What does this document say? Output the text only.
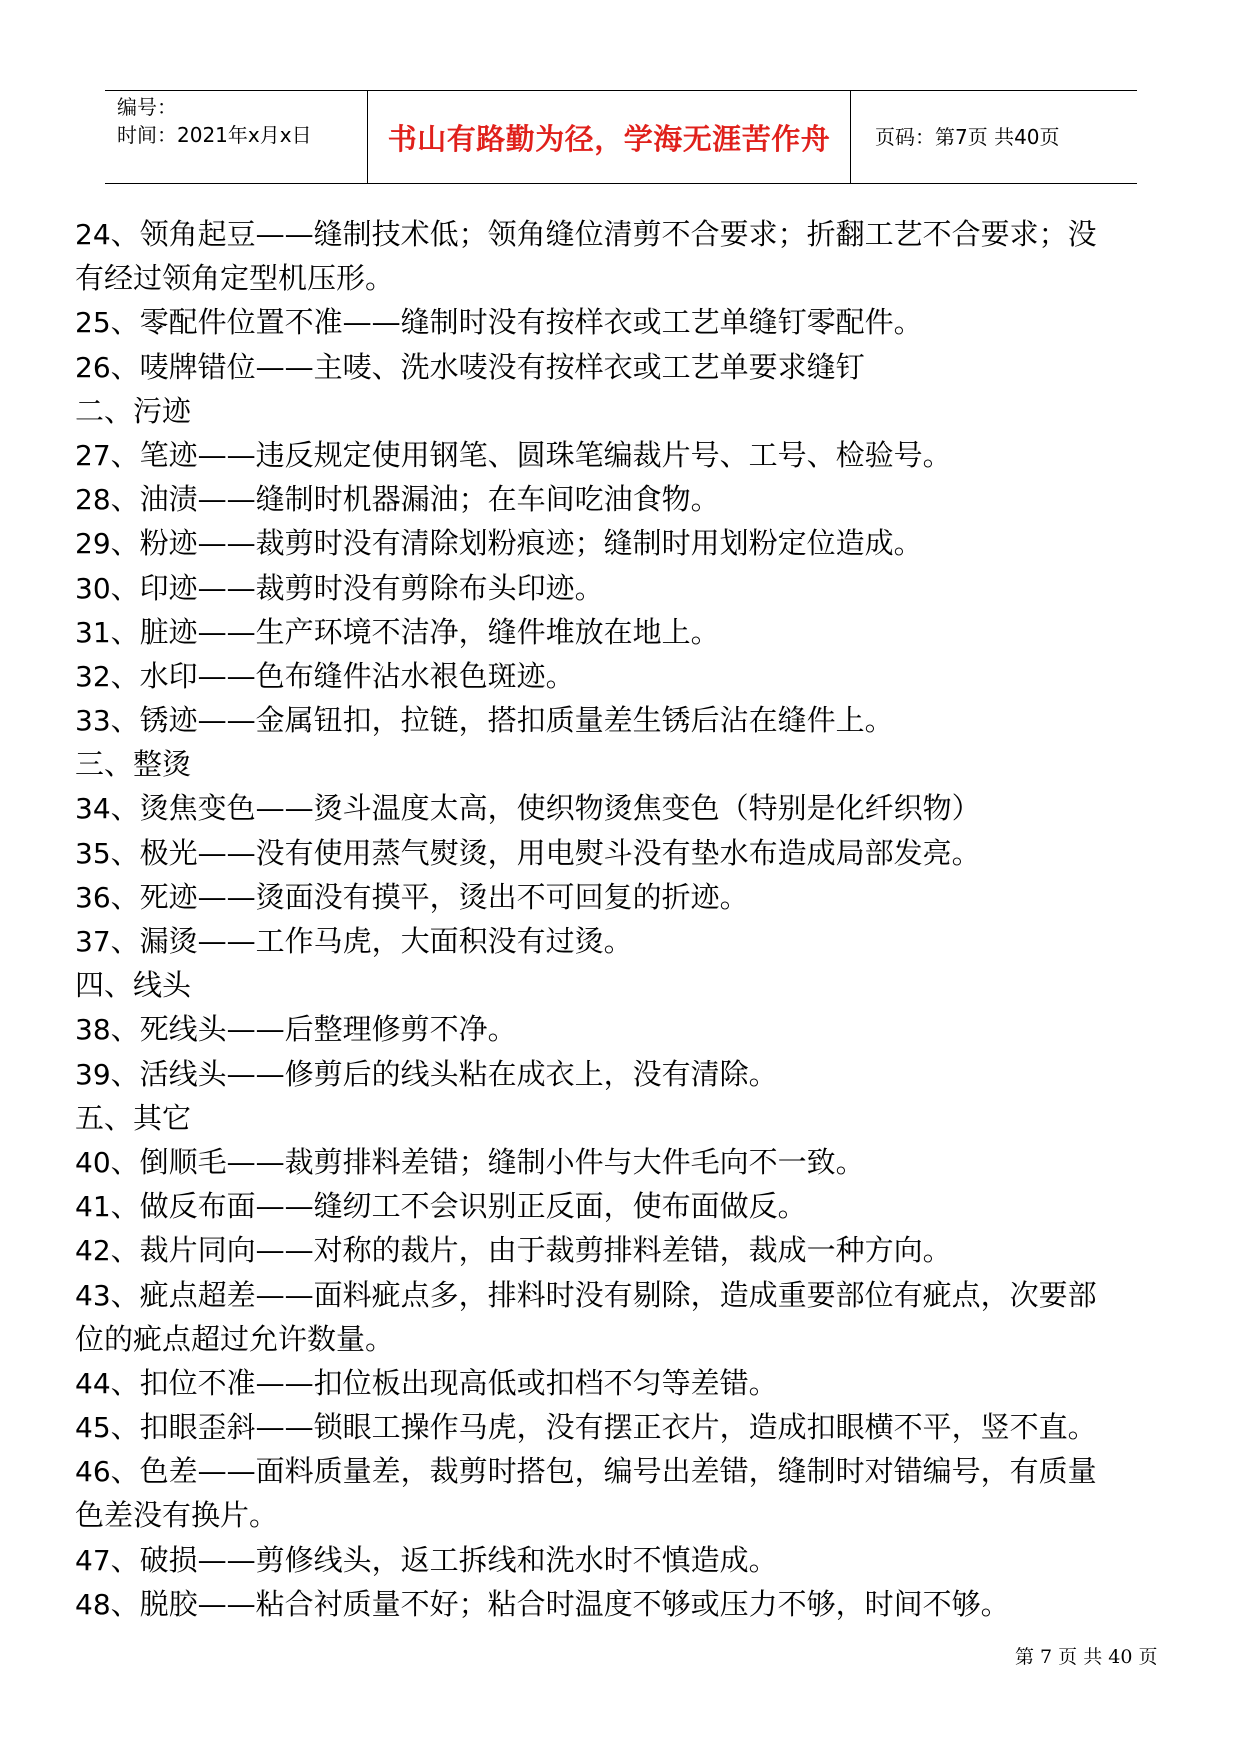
编号：
时间：2021年x月x日	书山有路勤为径，学海无涯苦作舟 页码：第7页 共40页
24、领角起豆——缝制技术低；领角缝位清剪不合要求；折翻工艺不合要求；没
有经过领角定型机压形。
25、零配件位置不准——缝制时没有按样衣或工艺单缝钉零配件。
26、唛牌错位——主唛、洗水唛没有按样衣或工艺单要求缝钉
二、污迹
27、笔迹——违反规定使用钢笔、圆珠笔编裁片号、工号、检验号。
28、油渍——缝制时机器漏油；在车间吃油食物。
29、粉迹——裁剪时没有清除划粉痕迹；缝制时用划粉定位造成。
30、印迹——裁剪时没有剪除布头印迹。
31、脏迹——生产环境不洁净，缝件堆放在地上。
32、水印——色布缝件沾水裉色斑迹。
33、锈迹——金属钮扣，拉链，搭扣质量差生锈后沾在缝件上。
三、整烫
34、烫焦变色——烫斗温度太高，使织物烫焦变色（特别是化纤织物）
35、极光——没有使用蒸气熨烫，用电熨斗没有垫水布造成局部发亮。
36、死迹——烫面没有摸平，烫出不可回复的折迹。
37、漏烫——工作马虎，大面积没有过烫。
四、线头
38、死线头——后整理修剪不净。
39、活线头——修剪后的线头粘在成衣上，没有清除。
五、其它
40、倒顺毛——裁剪排料差错；缝制小件与大件毛向不一致。
41、做反布面——缝纫工不会识别正反面，使布面做反。
42、裁片同向——对称的裁片，由于裁剪排料差错，裁成一种方向。
43、疵点超差——面料疵点多，排料时没有剔除，造成重要部位有疵点，次要部
位的疵点超过允许数量。
44、扣位不准——扣位板出现高低或扣档不匀等差错。
45、扣眼歪斜——锁眼工操作马虎，没有摆正衣片，造成扣眼横不平，竖不直。
46、色差——面料质量差，裁剪时搭包，编号出差错，缝制时对错编号，有质量
色差没有换片。
47、破损——剪修线头，返工拆线和洗水时不慎造成。
48、脱胶——粘合衬质量不好；粘合时温度不够或压力不够，时间不够。
第 7 页 共 40 页
